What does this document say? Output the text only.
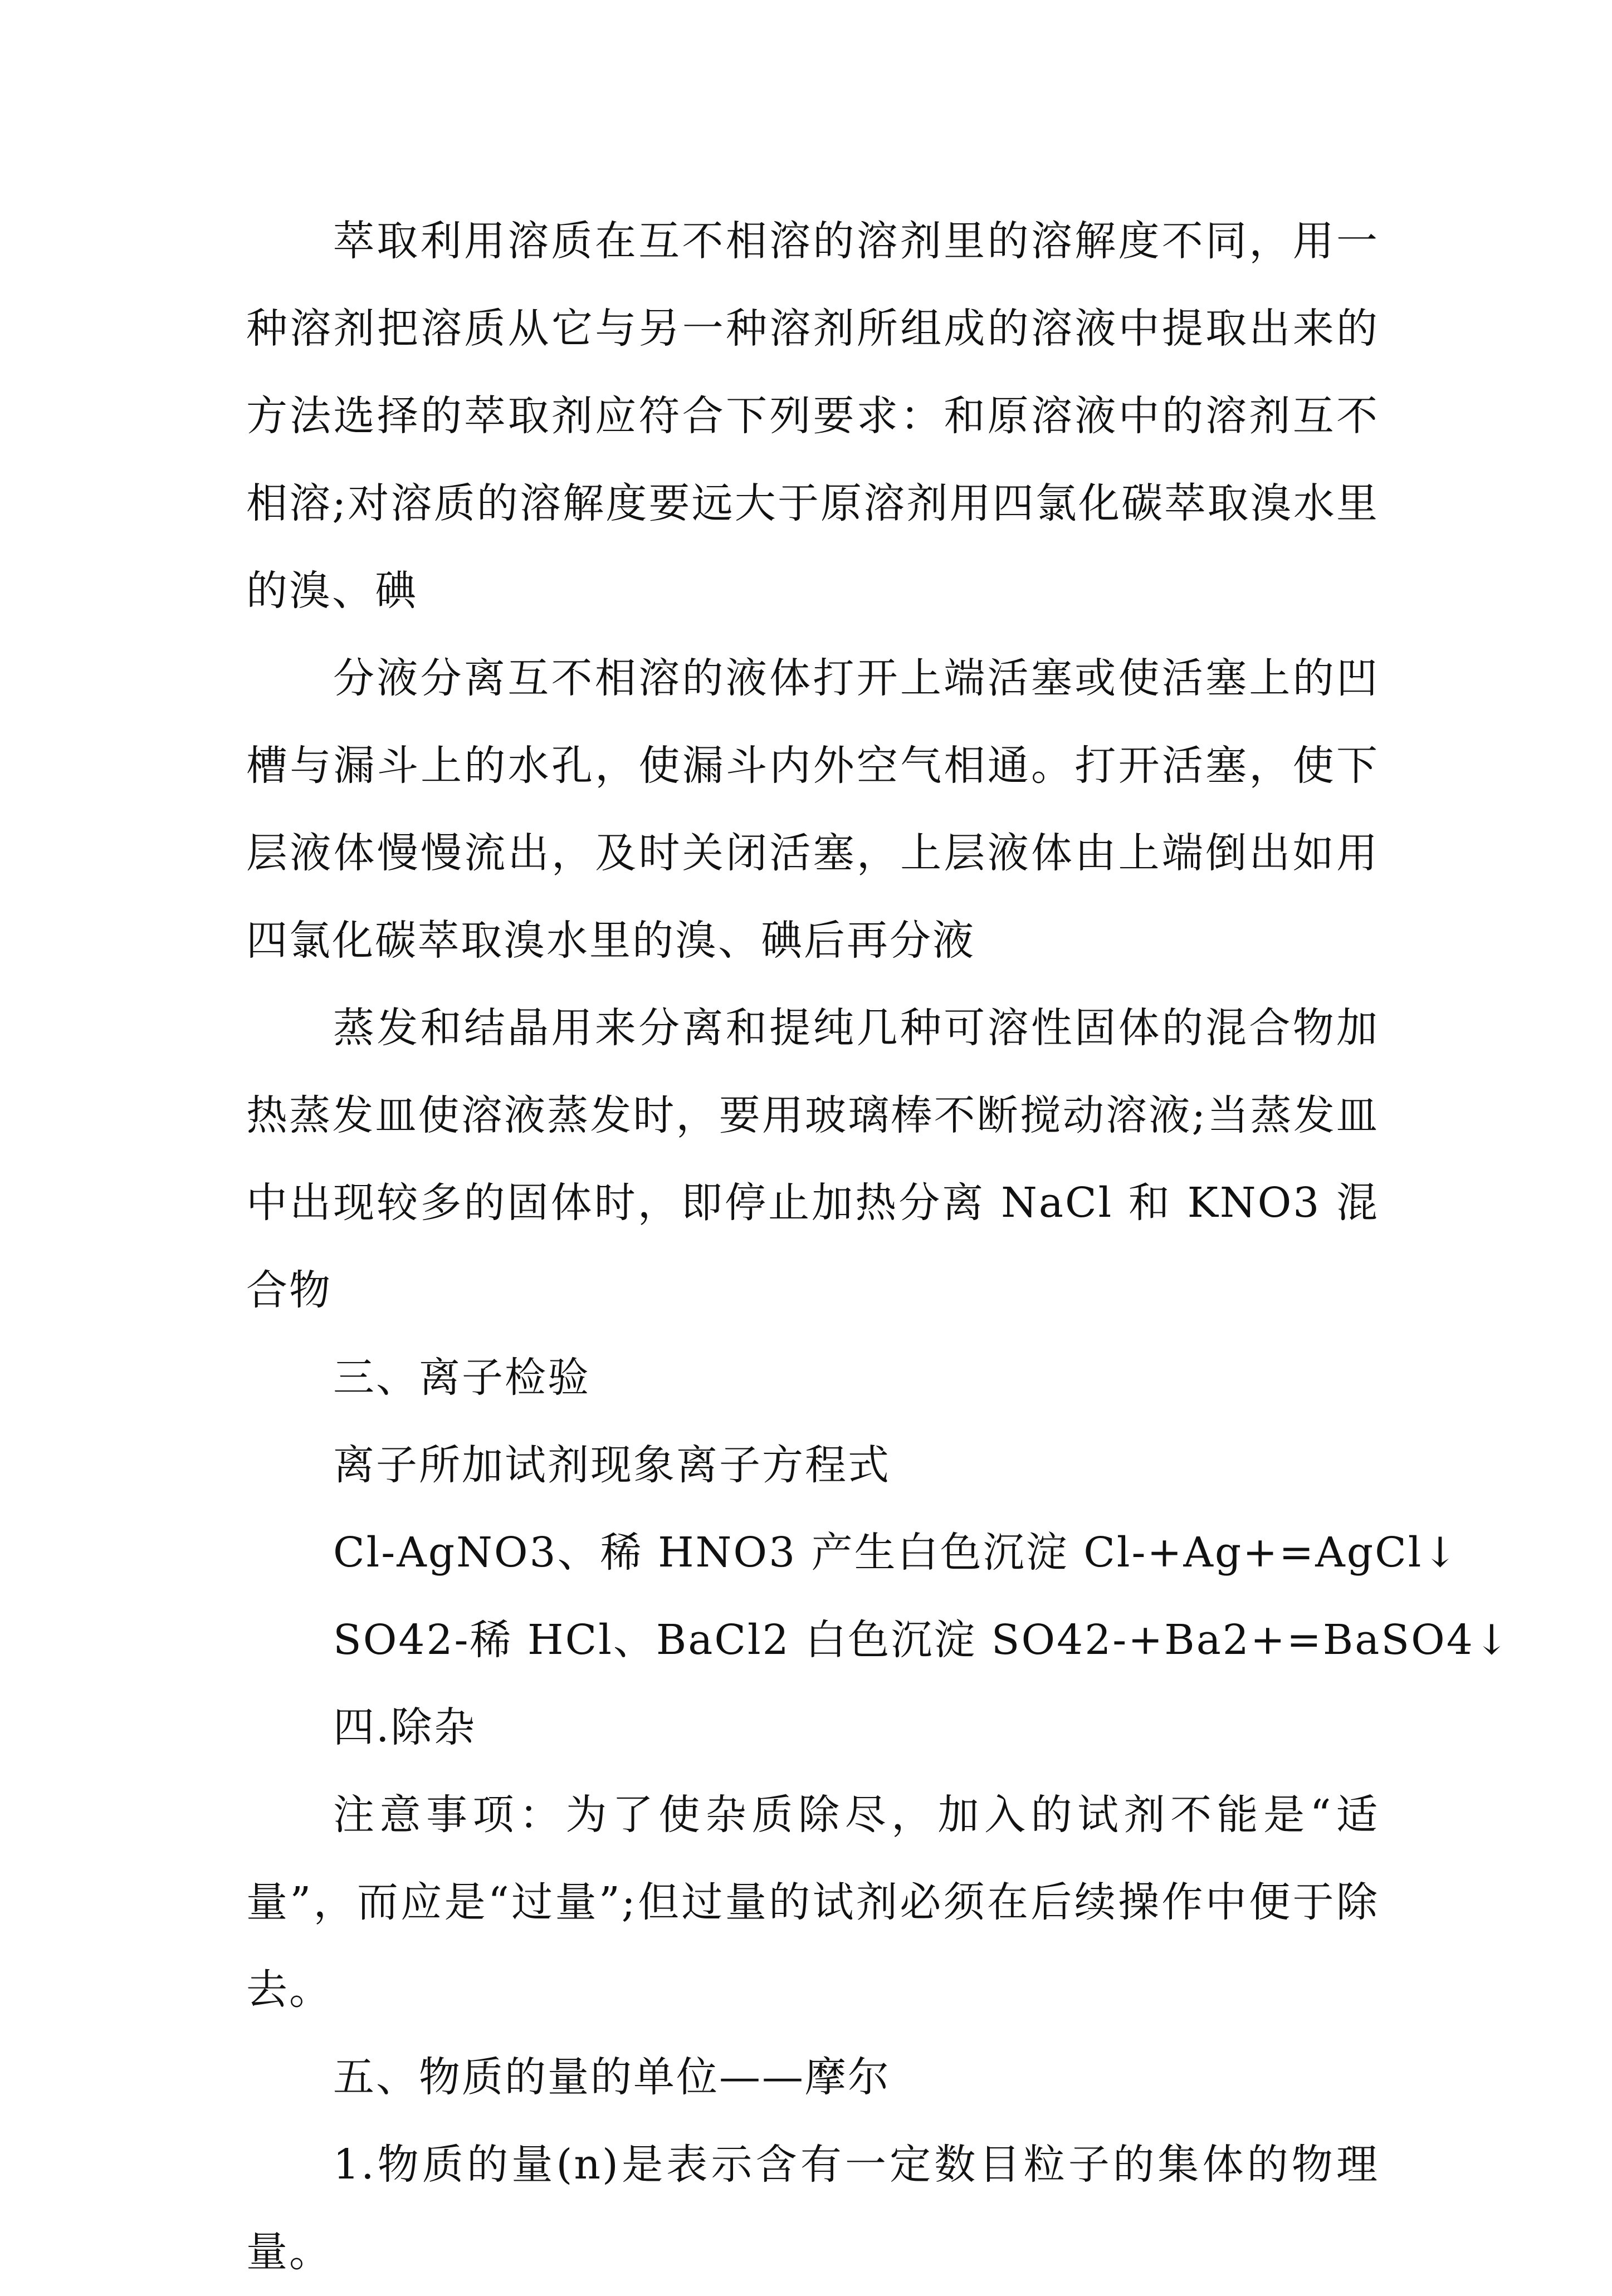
萃取利用溶质在互不相溶的溶剂里的溶解度不同，用一种溶剂把溶质从它与另一种溶剂所组成的溶液中提取出来的方法选择的萃取剂应符合下列要求：和原溶液中的溶剂互不相溶;对溶质的溶解度要远大于原溶剂用四氯化碳萃取溴水里的溴、碘

分液分离互不相溶的液体打开上端活塞或使活塞上的凹槽与漏斗上的水孔，使漏斗内外空气相通。打开活塞，使下层液体慢慢流出，及时关闭活塞，上层液体由上端倒出如用四氯化碳萃取溴水里的溴、碘后再分液

蒸发和结晶用来分离和提纯几种可溶性固体的混合物加热蒸发皿使溶液蒸发时，要用玻璃棒不断搅动溶液;当蒸发皿中出现较多的固体时，即停止加热分离 NaCl 和 KNO3 混合物

三、离子检验

离子所加试剂现象离子方程式

Cl-AgNO3、稀 HNO3 产生白色沉淀 Cl-+Ag+=AgCl↓

SO42-稀 HCl、BaCl2 白色沉淀 SO42-+Ba2+=BaSO4↓

四.除杂

注意事项：为了使杂质除尽，加入的试剂不能是“适量”，而应是“过量”;但过量的试剂必须在后续操作中便于除去。

五、物质的量的单位——摩尔

1.物质的量(n)是表示含有一定数目粒子的集体的物理量。
